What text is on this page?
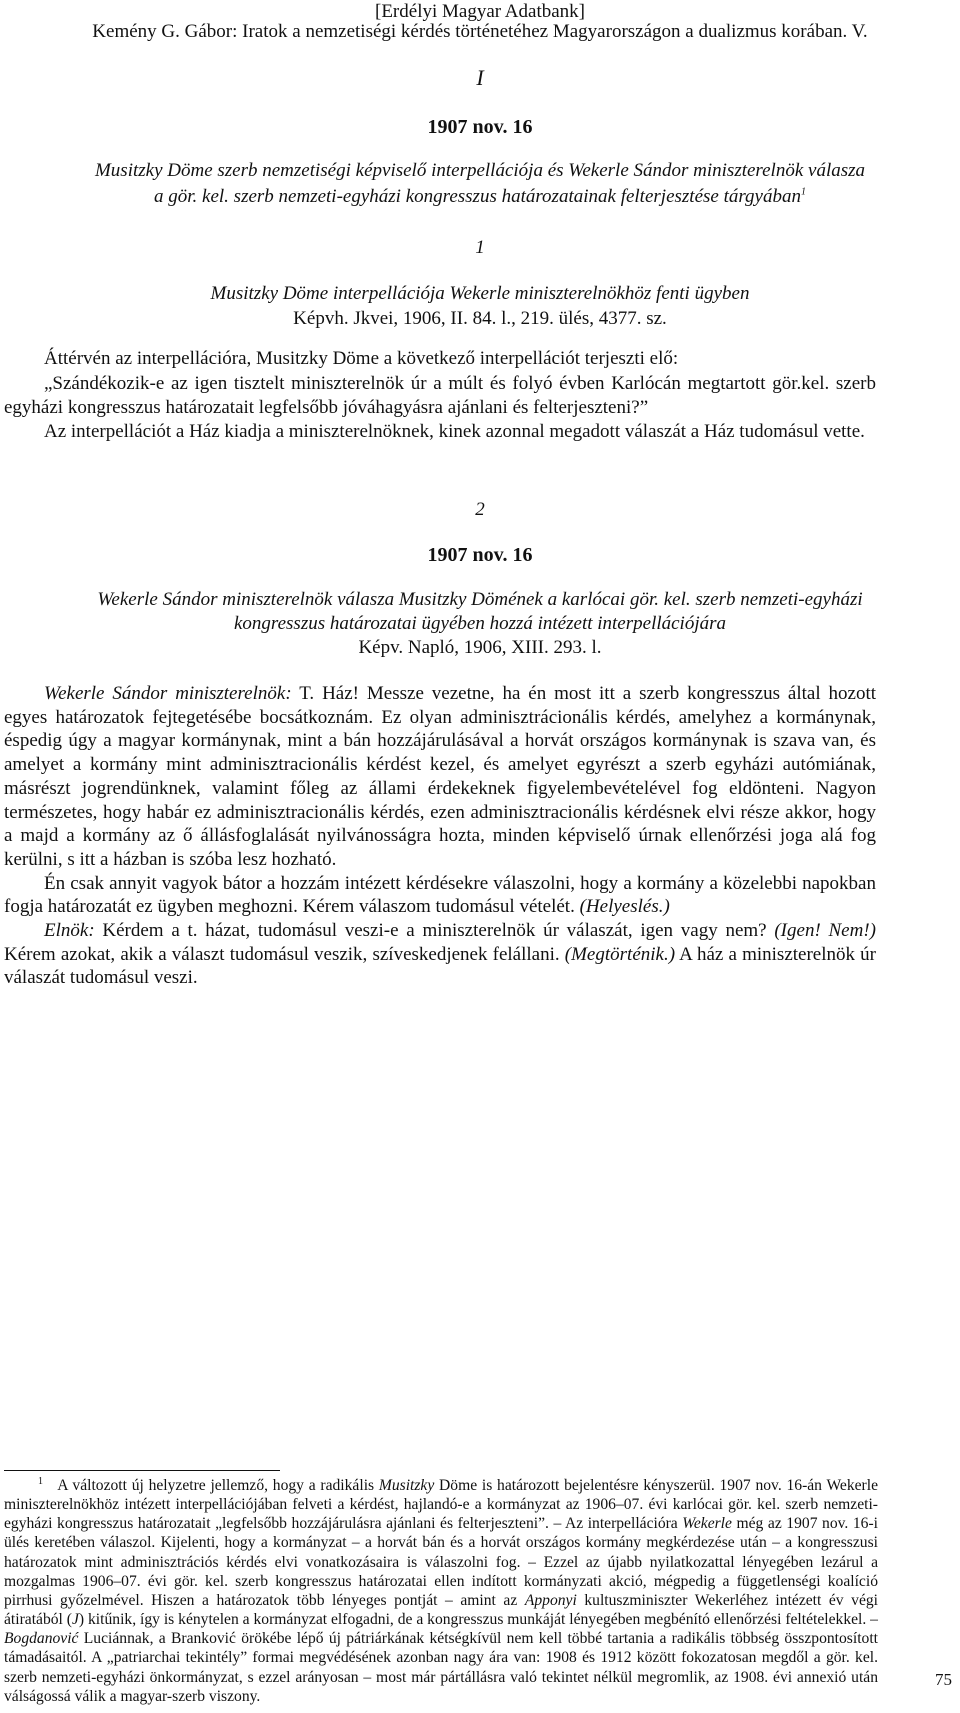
[Erdélyi Magyar Adatbank]
Kemény G. Gábor: Iratok a nemzetiségi kérdés történetéhez Magyarországon a dualizmus korában. V.
I
1907 nov. 16
Musitzky Döme szerb nemzetiségi képviselő interpellációja és Wekerle Sándor miniszterelnök válasza
a gör. kel. szerb nemzeti-egyházi kongresszus határozatainak felterjesztése tárgyában$^1$
1
Musitzky Döme interpellációja Wekerle miniszterelnökhöz fenti ügyben
Képvh. Jkvei, 1906, II. 84. l., 219. ülés, 4377. sz.
Áttérvén az interpellációra, Musitzky Döme a következő interpellációt terjeszti elő:

„Szándékozik-e az igen tisztelt miniszterelnök úr a múlt és folyó évben Karlócán megtartott gör.kel. szerb egyházi kongresszus határozatait legfelsőbb jóváhagyásra ajánlani és felterjeszteni?”

Az interpellációt a Ház kiadja a miniszterelnöknek, kinek azonnal megadott válaszát a Ház tudomásul vette.

2
1907 nov. 16
Wekerle Sándor miniszterelnök válasza Musitzky Dömének a karlócai gör. kel. szerb nemzeti-egyházi
kongresszus határozatai ügyében hozzá intézett interpellációjára
Képv. Napló, 1906, XIII. 293. l.

Wekerle Sándor miniszterelnök: T. Ház! Messze vezetne, ha én most itt a szerb kongresszus által hozott egyes határozatok fejtegetésébe bocsátkoznám. Ez olyan adminisztrácionális kérdés, amelyhez a kormánynak, éspedig úgy a magyar kormánynak, mint a bán hozzájárulásával a horvát országos kormánynak is szava van, és amelyet a kormány mint adminisztracionális kérdést kezel, és amelyet egyrészt a szerb egyházi autómiának, másrészt jogrendünknek, valamint főleg az állami érdekeknek figyelembevételével fog eldönteni. Nagyon természetes, hogy habár ez adminisztracionális kérdés, ezen adminisztracionális kérdésnek elvi része akkor, hogy a majd a kormány az ő állásfoglalását nyilvánosságra hozta, minden képviselő úrnak ellenőrzési joga alá fog kerülni, s itt a házban is szóba lesz hozható.

Én csak annyit vagyok bátor a hozzám intézett kérdésekre válaszolni, hogy a kormány a közelebbi napokban fogja határozatát ez ügyben meghozni. Kérem válaszom tudomásul vételét. (Helyeslés.)

Elnök: Kérdem a t. házat, tudomásul veszi-e a miniszterelnök úr válaszát, igen vagy nem? (Igen! Nem!) Kérem azokat, akik a választ tudomásul veszik, szíveskedjenek felállani. (Megtörténik.) A ház a miniszterelnök úr válaszát tudomásul veszi.

$^1$ A változott új helyzetre jellemző, hogy a radikális Musitzky Döme is határozott bejelentésre kényszerül. 1907 nov. 16-án Wekerle miniszterelnökhöz intézett interpellációjában felveti a kérdést, hajlandó-e a kormányzat az 1906–07. évi karlócai gör. kel. szerb nemzeti-egyházi kongresszus határozatait „legfelsőbb hozzájárulásra ajánlani és felterjeszteni”. – Az interpellációra Wekerle még az 1907 nov. 16-i ülés keretében válaszol. Kijelenti, hogy a kormányzat – a horvát bán és a horvát országos kormány megkérdezése után – a kongresszusi határozatok mint adminisztrációs kérdés elvi vonatkozásaira is válaszolni fog. – Ezzel az újabb nyilatkozattal lényegében lezárul a mozgalmas 1906–07. évi gör. kel. szerb kongresszus határozatai ellen indított kormányzati akció, mégpedig a függetlenségi koalíció pirrhusi győzelmével. Hiszen a határozatok több lényeges pontját – amint az Apponyi kultuszminiszter Wekerléhez intézett év végi átiratából (J) kitűnik, így is kénytelen a kormányzat elfogadni, de a kongresszus munkáját lényegében megbénító ellenőrzési feltételekkel. – Bogdanović Luciánnak, a Branković örökébe lépő új pátriárkának kétségkívül nem kell többé tartania a radikális többség összpontosított támadásaitól. A „patriarchai tekintély” formai megvédésének azonban nagy ára van: 1908 és 1912 között fokozatosan megdől a gör. kel. szerb nemzeti-egyházi önkormányzat, s ezzel arányosan – most már pártállásra való tekintet nélkül megromlik, az 1908. évi annexió után válságossá válik a magyar-szerb viszony.

75
